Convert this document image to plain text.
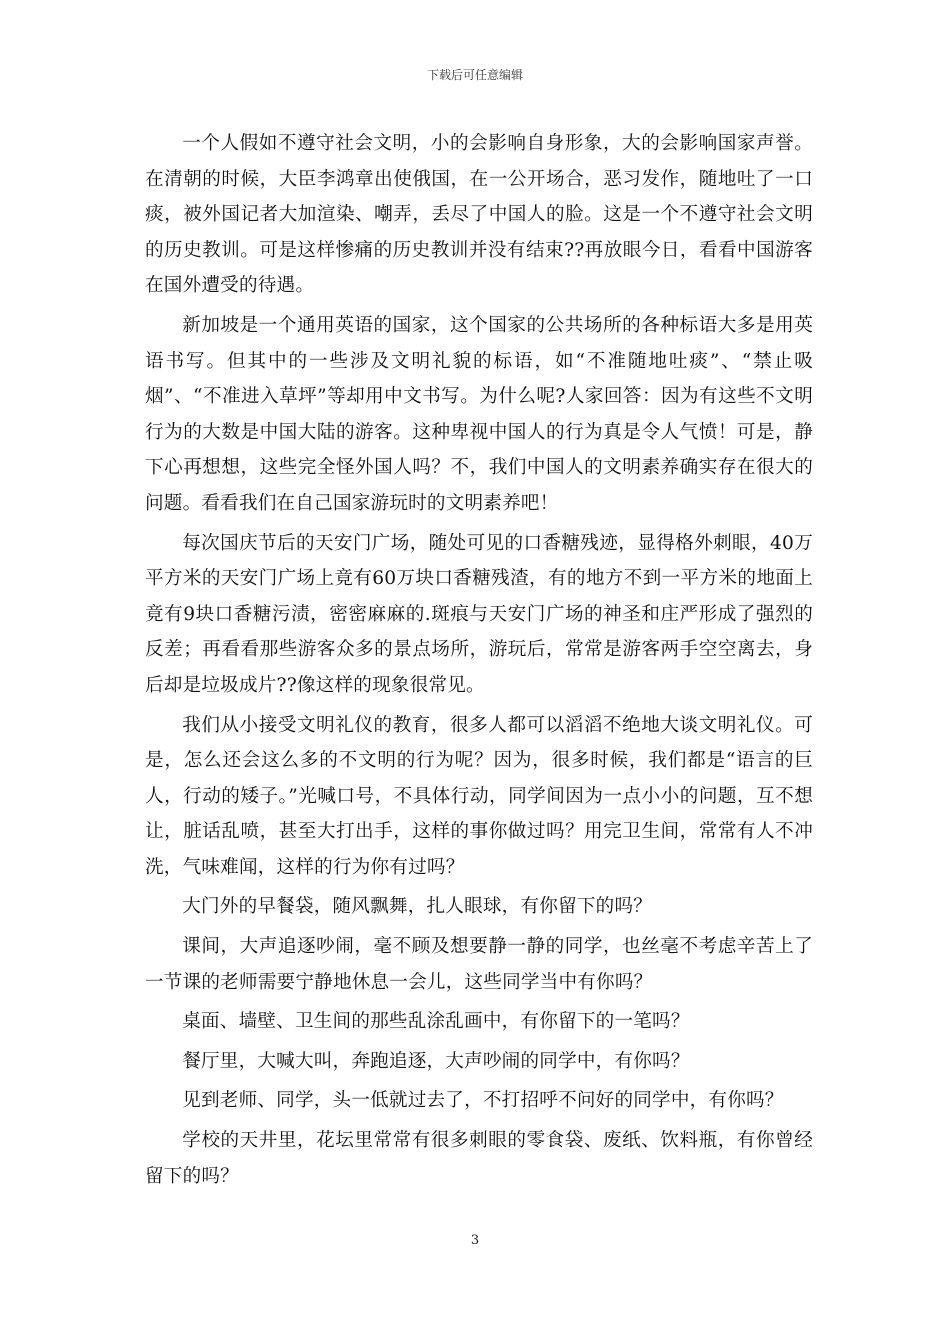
下载后可任意编辑

一个人假如不遵守社会文明，小的会影响自身形象，大的会影响国家声誉。在清朝的时候，大臣李鸿章出使俄国，在一公开场合，恶习发作，随地吐了一口痰，被外国记者大加渲染、嘲弄，丢尽了中国人的脸。这是一个不遵守社会文明的历史教训。可是这样惨痛的历史教训并没有结束??再放眼今日，看看中国游客在国外遭受的待遇。

新加坡是一个通用英语的国家，这个国家的公共场所的各种标语大多是用英语书写。但其中的一些涉及文明礼貌的标语，如“不准随地吐痰”、“禁止吸烟”、“不准进入草坪”等却用中文书写。为什么呢?人家回答：因为有这些不文明行为的大数是中国大陆的游客。这种卑视中国人的行为真是令人气愤！可是，静下心再想想，这些完全怪外国人吗？不，我们中国人的文明素养确实存在很大的问题。看看我们在自己国家游玩时的文明素养吧！

每次国庆节后的天安门广场，随处可见的口香糖残迹，显得格外刺眼，40万平方米的天安门广场上竟有60万块口香糖残渣，有的地方不到一平方米的地面上竟有9块口香糖污渍，密密麻麻的.斑痕与天安门广场的神圣和庄严形成了强烈的反差；再看看那些游客众多的景点场所，游玩后，常常是游客两手空空离去，身后却是垃圾成片??像这样的现象很常见。

我们从小接受文明礼仪的教育，很多人都可以滔滔不绝地大谈文明礼仪。可是，怎么还会这么多的不文明的行为呢？因为，很多时候，我们都是“语言的巨人，行动的矮子。”光喊口号，不具体行动，同学间因为一点小小的问题，互不想让，脏话乱喷，甚至大打出手，这样的事你做过吗？用完卫生间，常常有人不冲洗，气味难闻，这样的行为你有过吗？

大门外的早餐袋，随风飘舞，扎人眼球，有你留下的吗？

课间，大声追逐吵闹，毫不顾及想要静一静的同学，也丝毫不考虑辛苦上了一节课的老师需要宁静地休息一会儿，这些同学当中有你吗？

桌面、墙壁、卫生间的那些乱涂乱画中，有你留下的一笔吗？

餐厅里，大喊大叫，奔跑追逐，大声吵闹的同学中，有你吗？

见到老师、同学，头一低就过去了，不打招呼不问好的同学中，有你吗？

学校的天井里，花坛里常常有很多刺眼的零食袋、废纸、饮料瓶，有你曾经留下的吗？

3
